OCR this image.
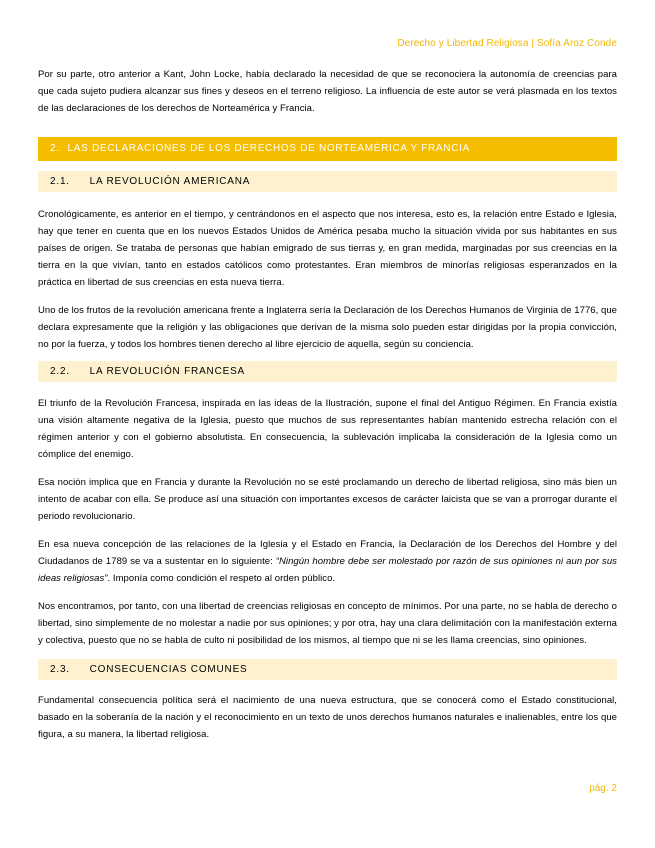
Derecho y Libertad Religiosa | Sofía Aroz Conde

Por su parte, otro anterior a Kant, John Locke, había declarado la necesidad de que se reconociera la autonomía de creencias para que cada sujeto pudiera alcanzar sus fines y deseos en el terreno religioso. La influencia de este autor se verá plasmada en los textos de las declaraciones de los derechos de Norteamérica y Francia.

2. LAS DECLARACIONES DE LOS DERECHOS DE NORTEAMÉRICA Y FRANCIA
2.1. LA REVOLUCIÓN AMERICANA

Cronológicamente, es anterior en el tiempo, y centrándonos en el aspecto que nos interesa, esto es, la relación entre Estado e Iglesia, hay que tener en cuenta que en los nuevos Estados Unidos de América pesaba mucho la situación vivida por sus habitantes en sus países de origen. Se trataba de personas que habían emigrado de sus tierras y, en gran medida, marginadas por sus creencias en la tierra en la que vivían, tanto en estados católicos como protestantes. Eran miembros de minorías religiosas esperanzados en la práctica en libertad de sus creencias en esta nueva tierra.

Uno de los frutos de la revolución americana frente a Inglaterra sería la Declaración de los Derechos Humanos de Virginia de 1776, que declara expresamente que la religión y las obligaciones que derivan de la misma solo pueden estar dirigidas por la propia convicción, no por la fuerza, y todos los hombres tienen derecho al libre ejercicio de aquella, según su conciencia.

2.2. LA REVOLUCIÓN FRANCESA

El triunfo de la Revolución Francesa, inspirada en las ideas de la Ilustración, supone el final del Antiguo Régimen. En Francia existía una visión altamente negativa de la Iglesia, puesto que muchos de sus representantes habían mantenido estrecha relación con el régimen anterior y con el gobierno absolutista. En consecuencia, la sublevación implicaba la consideración de la Iglesia como un cómplice del enemigo.

Esa noción implica que en Francia y durante la Revolución no se esté proclamando un derecho de libertad religiosa, sino más bien un intento de acabar con ella. Se produce así una situación con importantes excesos de carácter laicista que se van a prorrogar durante el periodo revolucionario.

En esa nueva concepción de las relaciones de la Iglesia y el Estado en Francia, la Declaración de los Derechos del Hombre y del Ciudadanos de 1789 se va a sustentar en lo siguiente: “Ningún hombre debe ser molestado por razón de sus opiniones ni aun por sus ideas religiosas”. Imponía como condición el respeto al orden público.

Nos encontramos, por tanto, con una libertad de creencias religiosas en concepto de mínimos. Por una parte, no se habla de derecho o libertad, sino simplemente de no molestar a nadie por sus opiniones; y por otra, hay una clara delimitación con la manifestación externa y colectiva, puesto que no se habla de culto ni posibilidad de los mismos, al tiempo que ni se les llama creencias, sino opiniones.

2.3. CONSECUENCIAS COMUNES

Fundamental consecuencia política será el nacimiento de una nueva estructura, que se conocerá como el Estado constitucional, basado en la soberanía de la nación y el reconocimiento en un texto de unos derechos humanos naturales e inalienables, entre los que figura, a su manera, la libertad religiosa.

pág. 2
